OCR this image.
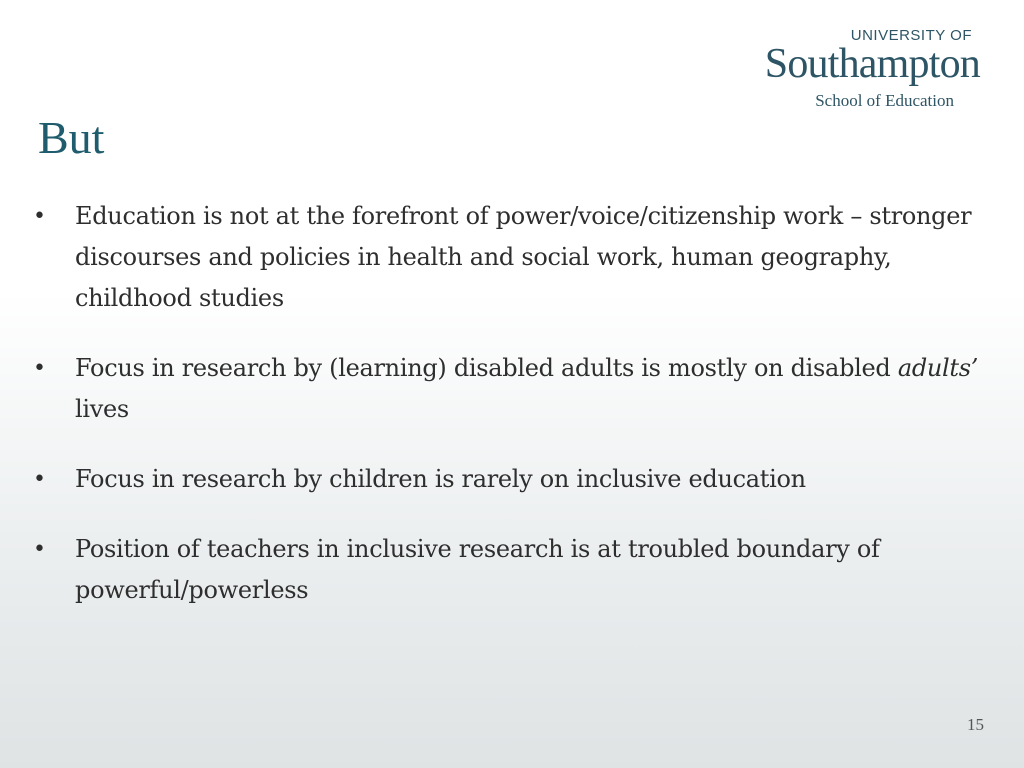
UNIVERSITY OF
Southampton
School of Education
But
• Education is not at the forefront of power/voice/citizenship work – stronger discourses and policies in health and social work, human geography, childhood studies
• Focus in research by (learning) disabled adults is mostly on disabled adults’ lives
• Focus in research by children is rarely on inclusive education
• Position of teachers in inclusive research is at troubled boundary of powerful/powerless
15
